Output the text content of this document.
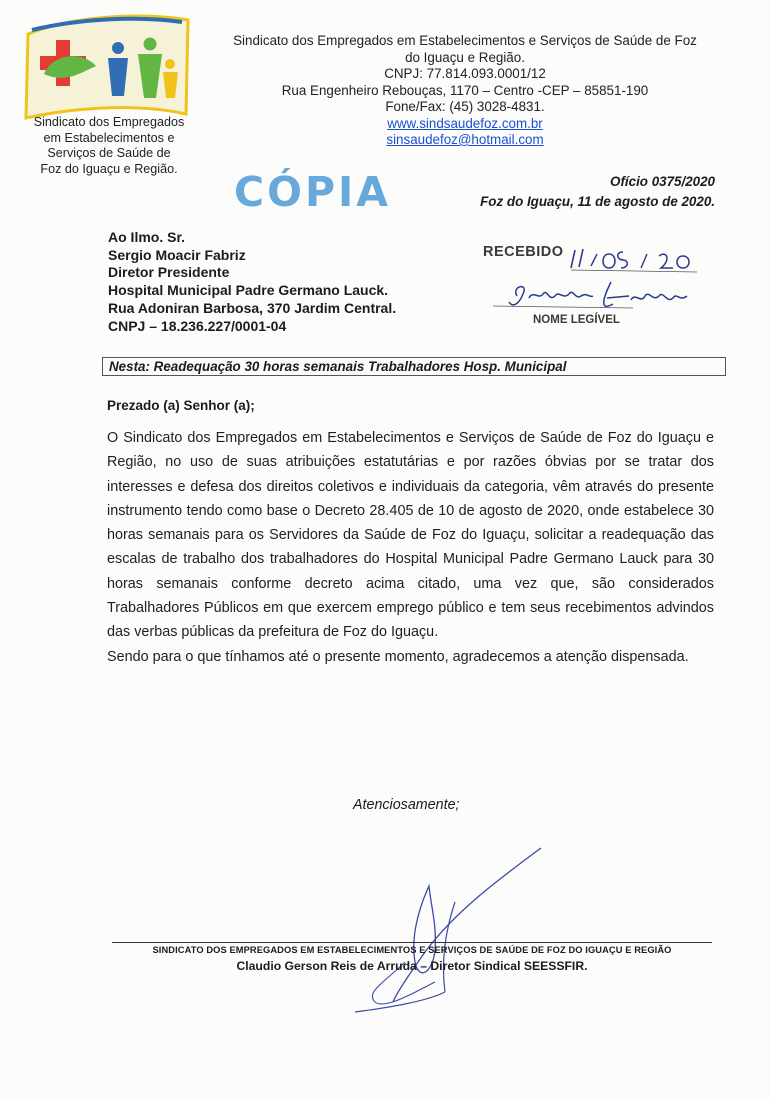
Sindicato dos Empregados
em Estabelecimentos e
Serviços de Saúde de
Foz do Iguaçu e Região.
Sindicato dos Empregados em Estabelecimentos e Serviços de Saúde de Foz
do Iguaçu e Região.
CNPJ: 77.814.093.0001/12
Rua Engenheiro Rebouças, 1170 – Centro -CEP – 85851-190
Fone/Fax: (45) 3028-4831.
www.sindsaudefoz.com.br
sinsaudefoz@hotmail.com
CÓPIA	Ofício 0375/2020
Foz do Iguaçu, 11 de agosto de 2020.
Ao Ilmo. Sr.
Sergio Moacir Fabriz
Diretor Presidente
Hospital Municipal Padre Germano Lauck.
Rua Adoniran Barbosa, 370 Jardim Central.
CNPJ – 18.236.227/0001-04
RECEBIDO
NOME LEGÍVEL
Nesta: Readequação 30 horas semanais Trabalhadores Hosp. Municipal
Prezado (a) Senhor (a);

O Sindicato dos Empregados em Estabelecimentos e Serviços de Saúde de Foz do Iguaçu e Região, no uso de suas atribuições estatutárias e por razões óbvias por se tratar dos interesses e defesa dos direitos coletivos e individuais da categoria, vêm através do presente instrumento tendo como base o Decreto 28.405 de 10 de agosto de 2020, onde estabelece 30 horas semanais para os Servidores da Saúde de Foz do Iguaçu, solicitar a readequação das escalas de trabalho dos trabalhadores do Hospital Municipal Padre Germano Lauck para 30 horas semanais conforme decreto acima citado, uma vez que, são considerados Trabalhadores Públicos em que exercem emprego público e tem seus recebimentos advindos das verbas públicas da prefeitura de Foz do Iguaçu.

Sendo para o que tínhamos até o presente momento, agradecemos a atenção dispensada.

Atenciosamente;
SINDICATO DOS EMPREGADOS EM ESTABELECIMENTOS E SERVIÇOS DE SAÚDE DE FOZ DO IGUAÇU E REGIÃO
Claudio Gerson Reis de Arruda – Diretor Sindical SEESSFIR.
